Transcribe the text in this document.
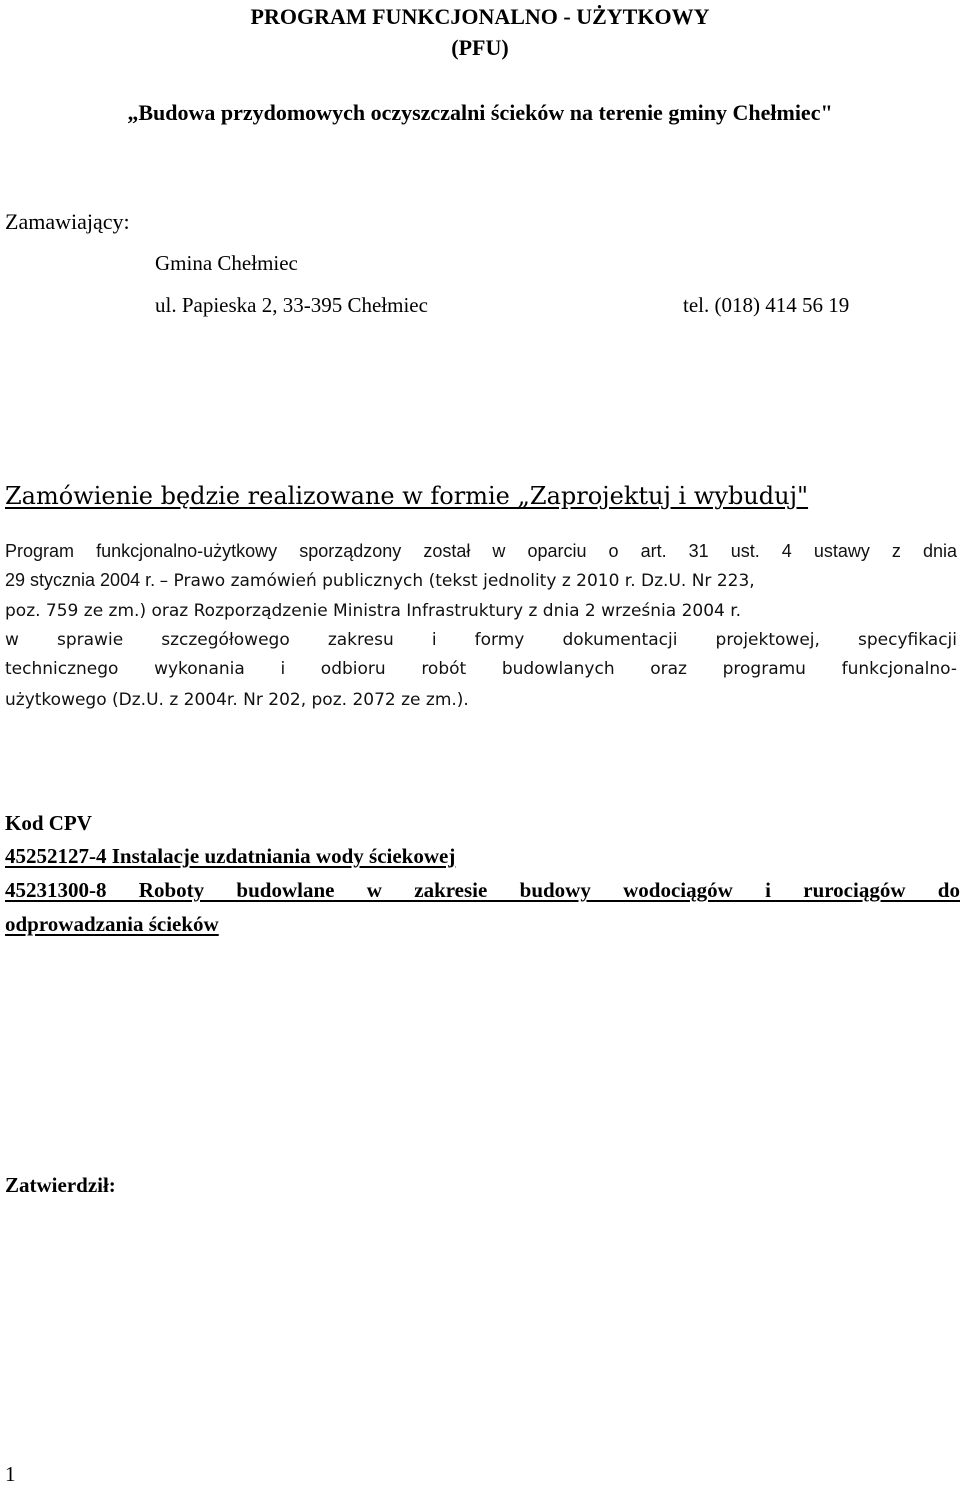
PROGRAM FUNKCJONALNO - UŻYTKOWY
(PFU)
„Budowa przydomowych oczyszczalni ścieków na terenie gminy Chełmiec"
Zamawiający:
Gmina Chełmiec
ul. Papieska 2, 33-395 Chełmiec	tel. (018) 414 56 19
Zamówienie będzie realizowane w formie „Zaprojektuj i wybuduj"
Program funkcjonalno-użytkowy sporządzony został w oparciu o art. 31 ust. 4 ustawy z dnia
29 stycznia 2004 r. – Prawo zamówień publicznych (tekst jednolity z 2010 r. Dz.U. Nr 223,
poz. 759 ze zm.) oraz Rozporządzenie Ministra Infrastruktury z dnia 2 września 2004 r.
w sprawie szczegółowego zakresu i formy dokumentacji projektowej, specyfikacji
technicznego wykonania i odbioru robót budowlanych oraz programu funkcjonalno-
użytkowego (Dz.U. z 2004r. Nr 202, poz. 2072 ze zm.).
Kod CPV
45252127-4 Instalacje uzdatniania wody ściekowej
45231300-8 Roboty budowlane w zakresie budowy wodociągów i rurociągów do
odprowadzania ścieków
Zatwierdził:
1
